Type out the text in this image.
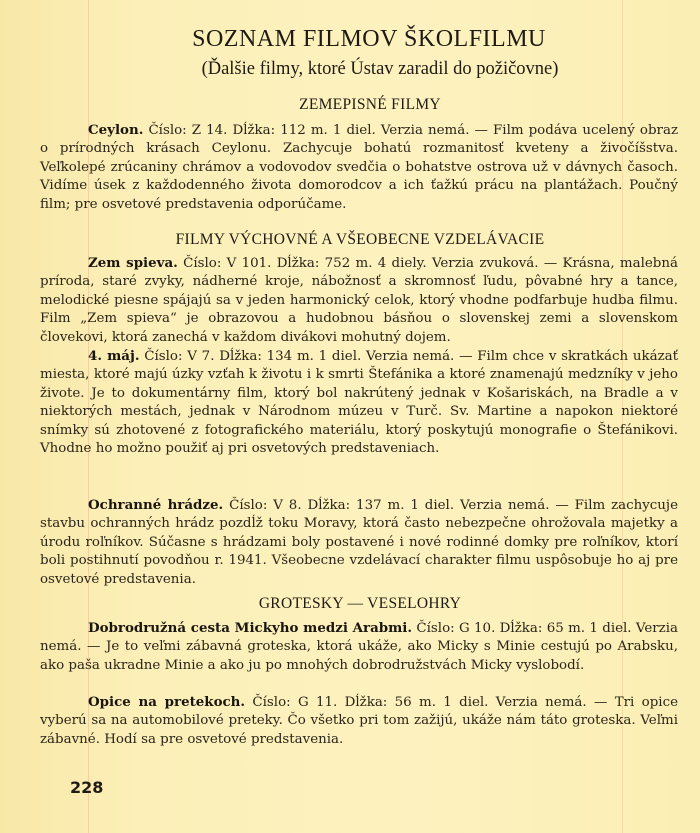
SOZNAM FILMOV ŠKOLFILMU
(Ďalšie filmy, ktoré Ústav zaradil do požičovne)
ZEMEPISNÉ FILMY

Ceylon. Číslo: Z 14. Dĺžka: 112 m. 1 diel. Verzia nemá. — Film podáva ucelený obraz o prírodných krásach Ceylonu. Zachycuje bohatú rozmanitosť kveteny a živočíšstva. Veľkolepé zrúcaniny chrámov a vodovodov svedčia o bohatstve ostrova už v dávnych časoch. Vidíme úsek z každodenného života domorodcov a ich ťažkú prácu na plantážach. Poučný film; pre osvetové predstavenia odporúčame.

FILMY VÝCHOVNÉ A VŠEOBECNE VZDELÁVACIE

Zem spieva. Číslo: V 101. Dĺžka: 752 m. 4 diely. Verzia zvuková. — Krásna, malebná príroda, staré zvyky, nádherné kroje, nábožnosť a skromnosť ľudu, pôvabné hry a tance, melodické piesne spájajú sa v jeden harmonický celok, ktorý vhodne podfarbuje hudba filmu. Film „Zem spieva“ je obrazovou a hudobnou básňou o slovenskej zemi a slovenskom človekovi, ktorá zanechá v každom divákovi mohutný dojem.

4. máj. Číslo: V 7. Dĺžka: 134 m. 1 diel. Verzia nemá. — Film chce v skratkách ukázať miesta, ktoré majú úzky vzťah k životu i k smrti Štefánika a ktoré znamenajú medzníky v jeho živote. Je to dokumentárny film, ktorý bol nakrútený jednak v Košariskách, na Bradle a v niektorých mestách, jednak v Národnom múzeu v Turč. Sv. Martine a napokon niektoré snímky sú zhotovené z fotografického materiálu, ktorý poskytujú monografie o Štefánikovi. Vhodne ho možno použiť aj pri osvetových predstaveniach.

Ochranné hrádze. Číslo: V 8. Dĺžka: 137 m. 1 diel. Verzia nemá. — Film zachycuje stavbu ochranných hrádz pozdĺž toku Moravy, ktorá často nebezpečne ohrožovala majetky a úrodu roľníkov. Súčasne s hrádzami boly postavené i nové rodinné domky pre roľníkov, ktorí boli postihnutí povodňou r. 1941. Všeobecne vzdelávací charakter filmu uspôsobuje ho aj pre osvetové predstavenia.

GROTESKY — VESELOHRY

Dobrodružná cesta Mickyho medzi Arabmi. Číslo: G 10. Dĺžka: 65 m. 1 diel. Verzia nemá. — Je to veľmi zábavná groteska, ktorá ukáže, ako Micky s Minie cestujú po Arabsku, ako paša ukradne Minie a ako ju po mnohých dobrodružstvách Micky vyslobodí.

Opice na pretekoch. Číslo: G 11. Dĺžka: 56 m. 1 diel. Verzia nemá. — Tri opice vyberú sa na automobilové preteky. Čo všetko pri tom zažijú, ukáže nám táto groteska. Veľmi zábavné. Hodí sa pre osvetové predstavenia.

228
